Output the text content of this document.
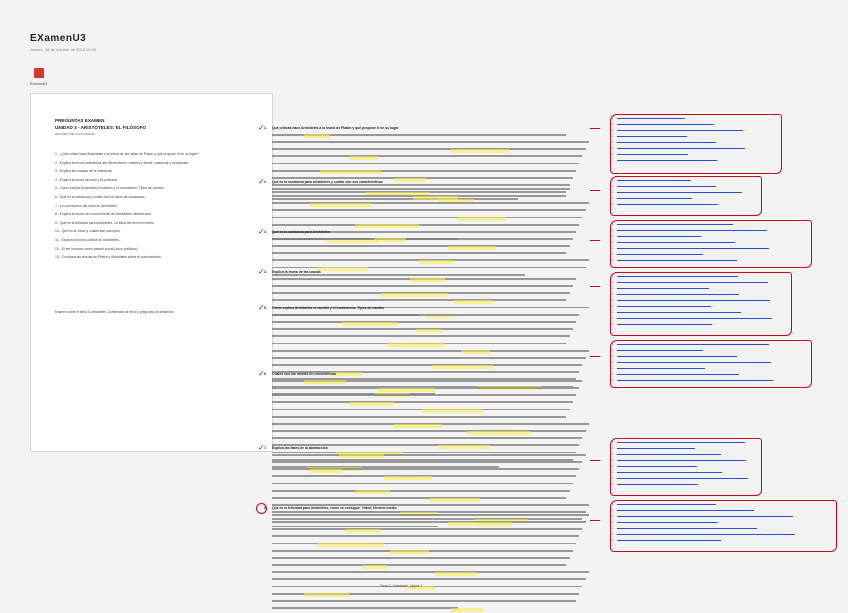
EXamenU3
Jueves, 18 de octubre de 2018 10:30
ExamenU3
PREGUNTAS EXAMEN
UNIDAD 3 - ARISTÓTELES: EL FILÓSOFO
HISTORIA DE LA FILOSOFÍA
1.- ¿Qué critica hace Aristóteles a la teoría de las ideas de Platón y qué propone él en su lugar?
2.- Explica la teoría aristotélica del hilemorfismo: materia y forma, sustancia y accidentes.
3.- Explica las causas de la sustancia.
4.- Explica la teoría del acto y la potencia.
5.- Cómo explica Aristóteles el cambio y el movimiento. Tipos de cambio.
6.- Qué es la sustancia y cuáles son los tipos de sustancias.
7.- La concepción del alma en Aristóteles.
8.- Explica la teoría del conocimiento de Aristóteles: abstracción.
9.- Qué es la felicidad para Aristóteles. La ética del término medio.
10.- Qué es la virtud y cuáles son sus tipos.
11.- Explica la teoría política de Aristóteles.
12.- El ser humano como animal social (zoon politikon).
13.- Compara las teorías de Platón y Aristóteles sobre el conocimiento.
Examen sobre el tema 3: Aristóteles. Comentario de texto y preguntas de desarrollo.
✓ 1. Qué críticas hace Aristóteles a la teoría de Platón y qué propone él en su lugar
✓ 2. Qué es la sustancia para Aristóteles y cuáles son sus características
✓ 3. Qué es la sustancia para Aristóteles
✓ 4. Explica la teoría de las causas
✓ 5. Cómo explica Aristóteles el cambio y el movimiento. Tipos de cambio
✓ 6. Cuáles son los niveles de conocimiento
✓ 7. Explica las fases de la abstracción
8. Qué es la felicidad para Aristóteles, cómo se consigue. Virtud, término medio
•
•
•
•
•
•
•
•
•
•
•
•
•
•
•
•
•
•
•
•
•
•
•
•
•
•
•
•
•
•
•
•
•
•
•
•
•
•
•
•
•
•
•
•
•
•
•
•
•
•
•
Tema 3 - Aristóteles, página 3
